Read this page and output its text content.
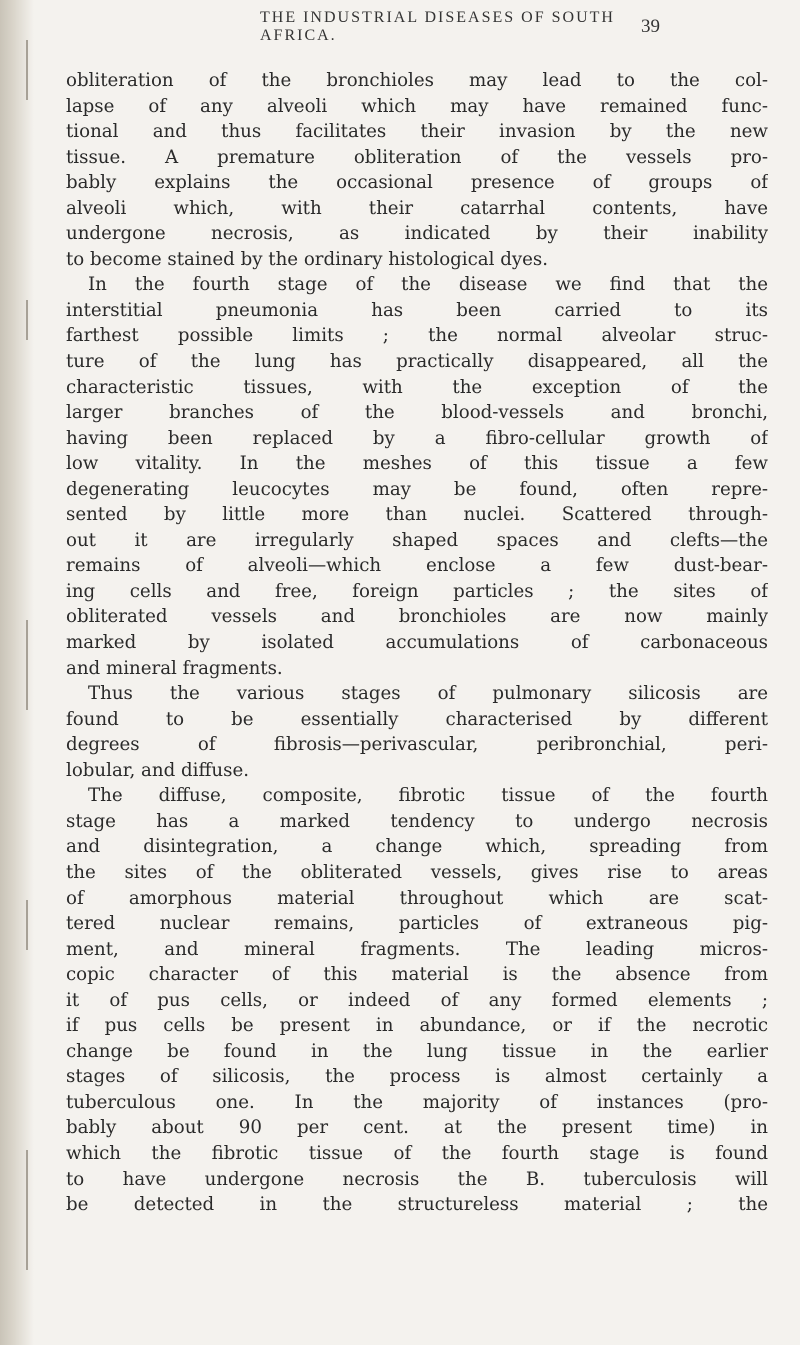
THE INDUSTRIAL DISEASES OF SOUTH AFRICA.	39
obliteration of the bronchioles may lead to the col-
lapse of any alveoli which may have remained func-
tional and thus facilitates their invasion by the new
tissue. A premature obliteration of the vessels pro-
bably explains the occasional presence of groups of
alveoli which, with their catarrhal contents, have
undergone necrosis, as indicated by their inability
to become stained by the ordinary histological dyes.
In the fourth stage of the disease we find that the
interstitial pneumonia has been carried to its
farthest possible limits ; the normal alveolar struc-
ture of the lung has practically disappeared, all the
characteristic tissues, with the exception of the
larger branches of the blood-vessels and bronchi,
having been replaced by a fibro-cellular growth of
low vitality. In the meshes of this tissue a few
degenerating leucocytes may be found, often repre-
sented by little more than nuclei. Scattered through-
out it are irregularly shaped spaces and clefts—the
remains of alveoli—which enclose a few dust-bear-
ing cells and free, foreign particles ; the sites of
obliterated vessels and bronchioles are now mainly
marked by isolated accumulations of carbonaceous
and mineral fragments.
Thus the various stages of pulmonary silicosis are
found to be essentially characterised by different
degrees of fibrosis—perivascular, peribronchial, peri-
lobular, and diffuse.
The diffuse, composite, fibrotic tissue of the fourth
stage has a marked tendency to undergo necrosis
and disintegration, a change which, spreading from
the sites of the obliterated vessels, gives rise to areas
of amorphous material throughout which are scat-
tered nuclear remains, particles of extraneous pig-
ment, and mineral fragments. The leading micros-
copic character of this material is the absence from
it of pus cells, or indeed of any formed elements ;
if pus cells be present in abundance, or if the necrotic
change be found in the lung tissue in the earlier
stages of silicosis, the process is almost certainly a
tuberculous one. In the majority of instances (pro-
bably about 90 per cent. at the present time) in
which the fibrotic tissue of the fourth stage is found
to have undergone necrosis the B. tuberculosis will
be detected in the structureless material ; the
